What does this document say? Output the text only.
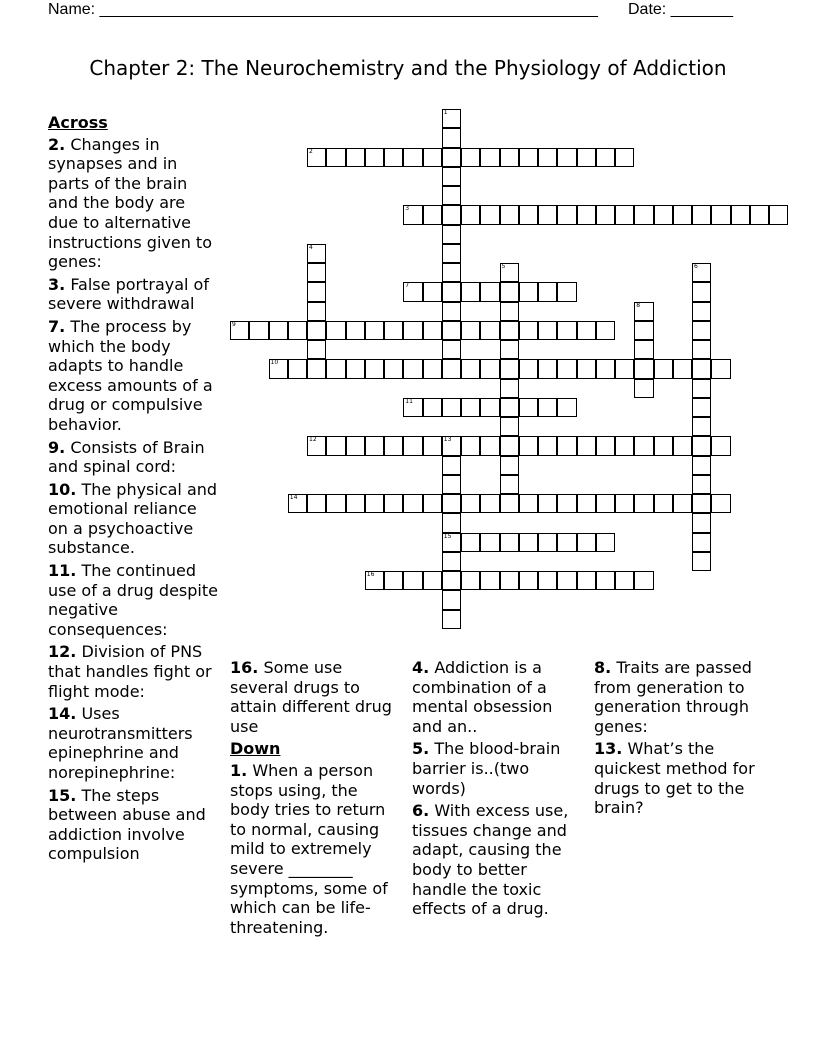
Name: ________________________________________________________ Date: _______
Chapter 2: The Neurochemistry and the Physiology of Addiction
1
2
3
4
5	6
7
8
9
10
11
12	13
15
14
16
Across
2. Changes in synapses and in parts of the brain and the body are due to alternative instructions given to genes:
3. False portrayal of severe withdrawal
7. The process by which the body adapts to handle excess amounts of a drug or compulsive behavior.
9. Consists of Brain and spinal cord:
10. The physical and emotional reliance on a psychoactive substance.
11. The continued use of a drug despite negative consequences:
12. Division of PNS that handles fight or flight mode:
14. Uses neurotransmitters epinephrine and norepinephrine:
15. The steps between abuse and addiction involve compulsion
16. Some use several drugs to attain different drug use
Down
1. When a person stops using, the body tries to return to normal, causing mild to extremely severe ________ symptoms, some of which can be life-threatening.
4. Addiction is a combination of a mental obsession and an..
5. The blood-brain barrier is..(two words)
6. With excess use, tissues change and adapt, causing the body to better handle the toxic effects of a drug.
8. Traits are passed from generation to generation through genes:
13. What’s the quickest method for drugs to get to the brain?
